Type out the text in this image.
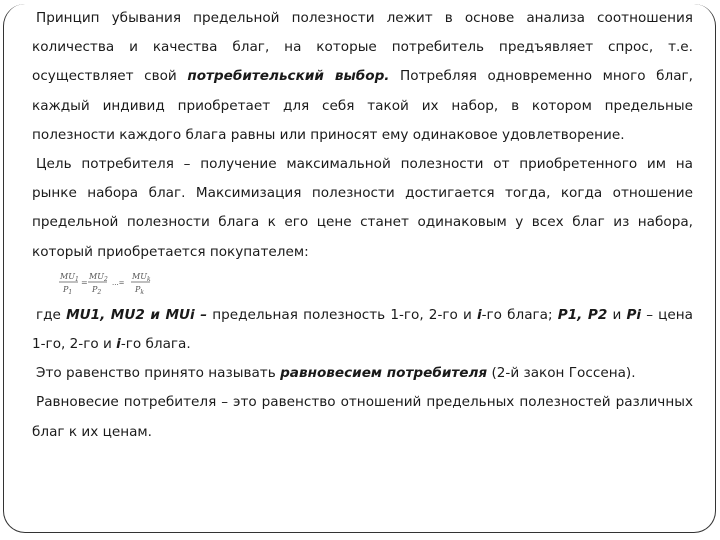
Принцип убывания предельной полезности лежит в основе анализа соотношения количества и качества благ, на которые потребитель предъявляет спрос, т.е. осуществляет свой потребительский выбор. Потребляя одновременно много благ, каждый индивид приобретает для себя такой их набор, в котором предельные полезности каждого блага равны или приносят ему одинаковое удовлетворение.

Цель потребителя – получение максимальной полезности от приобретенного им на рынке набора благ. Максимизация полезности достигается тогда, когда отношение предельной полезности блага к его цене станет одинаковым у всех благ из набора, который приобретается покупателем:

$MU_1$
$P_1$
=
$MU_2$
$P_2$
...=
$MU_k$
$P_k$

где MU1, MU2 и MUi – предельная полезность 1-го, 2-го и i-го блага; P1, P2 и Pi – цена 1-го, 2-го и i-го блага.

Это равенство принято называть равновесием потребителя (2-й закон Госсена).

Равновесие потребителя – это равенство отношений предельных полезностей различных благ к их ценам.
